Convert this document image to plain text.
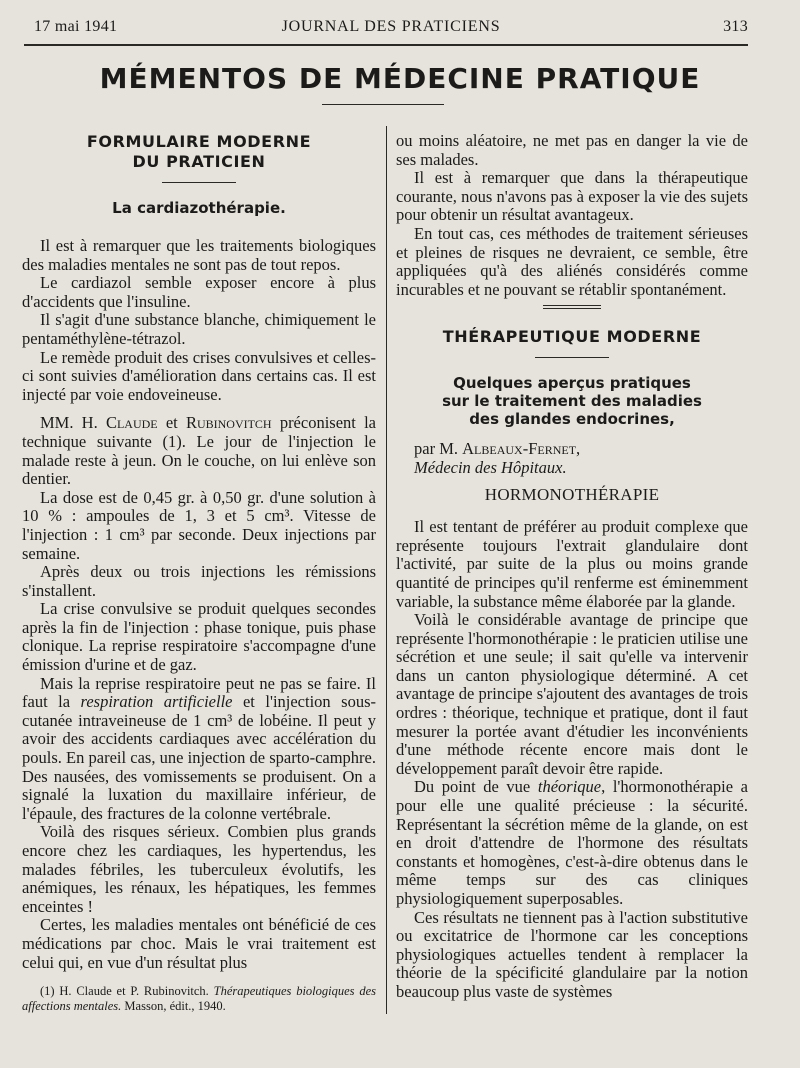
17 mai 1941	JOURNAL DES PRATICIENS	313
MÉMENTOS DE MÉDECINE PRATIQUE
FORMULAIRE MODERNE
DU PRATICIEN
La cardiazothérapie.

Il est à remarquer que les traitements biologiques des maladies mentales ne sont pas de tout repos.

Le cardiazol semble exposer encore à plus d'accidents que l'insuline.

Il s'agit d'une substance blanche, chimiquement le pentaméthylène-tétrazol.

Le remède produit des crises convulsives et celles-ci sont suivies d'amélioration dans certains cas. Il est injecté par voie endoveineuse.

MM. H. Claude et Rubinovitch préconisent la technique suivante (1). Le jour de l'injection le malade reste à jeun. On le couche, on lui enlève son dentier.

La dose est de 0,45 gr. à 0,50 gr. d'une solution à 10 % : ampoules de 1, 3 et 5 cm³. Vitesse de l'injection : 1 cm³ par seconde. Deux injections par semaine.

Après deux ou trois injections les rémissions s'installent.

La crise convulsive se produit quelques secondes après la fin de l'injection : phase tonique, puis phase clonique. La reprise respiratoire s'accompagne d'une émission d'urine et de gaz.

Mais la reprise respiratoire peut ne pas se faire. Il faut la respiration artificielle et l'injection sous-cutanée intraveineuse de 1 cm³ de lobéine. Il peut y avoir des accidents cardiaques avec accélération du pouls. En pareil cas, une injection de sparto-camphre. Des nausées, des vomissements se produisent. On a signalé la luxation du maxillaire inférieur, de l'épaule, des fractures de la colonne vertébrale.

Voilà des risques sérieux. Combien plus grands encore chez les cardiaques, les hypertendus, les malades fébriles, les tuberculeux évolutifs, les anémiques, les rénaux, les hépatiques, les femmes enceintes !

Certes, les maladies mentales ont bénéficié de ces médications par choc. Mais le vrai traitement est celui qui, en vue d'un résultat plus

(1) H. Claude et P. Rubinovitch. Thérapeutiques biologiques des affections mentales. Masson, édit., 1940.

ou moins aléatoire, ne met pas en danger la vie de ses malades.

Il est à remarquer que dans la thérapeutique courante, nous n'avons pas à exposer la vie des sujets pour obtenir un résultat avantageux.

En tout cas, ces méthodes de traitement sérieuses et pleines de risques ne devraient, ce semble, être appliquées qu'à des aliénés considérés comme incurables et ne pouvant se rétablir spontanément.

THÉRAPEUTIQUE MODERNE
Quelques aperçus pratiques
sur le traitement des maladies
des glandes endocrines,

par M. Albeaux-Fernet,

Médecin des Hôpitaux.

HORMONOTHÉRAPIE

Il est tentant de préférer au produit complexe que représente toujours l'extrait glandulaire dont l'activité, par suite de la plus ou moins grande quantité de principes qu'il renferme est éminemment variable, la substance même élaborée par la glande.

Voilà le considérable avantage de principe que représente l'hormonothérapie : le praticien utilise une sécrétion et une seule; il sait qu'elle va intervenir dans un canton physiologique déterminé. A cet avantage de principe s'ajoutent des avantages de trois ordres : théorique, technique et pratique, dont il faut mesurer la portée avant d'étudier les inconvénients d'une méthode récente encore mais dont le développement paraît devoir être rapide.

Du point de vue théorique, l'hormonothérapie a pour elle une qualité précieuse : la sécurité. Représentant la sécrétion même de la glande, on est en droit d'attendre de l'hormone des résultats constants et homogènes, c'est-à-dire obtenus dans le même temps sur des cas cliniques physiologiquement superposables.

Ces résultats ne tiennent pas à l'action substitutive ou excitatrice de l'hormone car les conceptions physiologiques actuelles tendent à remplacer la théorie de la spécificité glandulaire par la notion beaucoup plus vaste de systèmes
